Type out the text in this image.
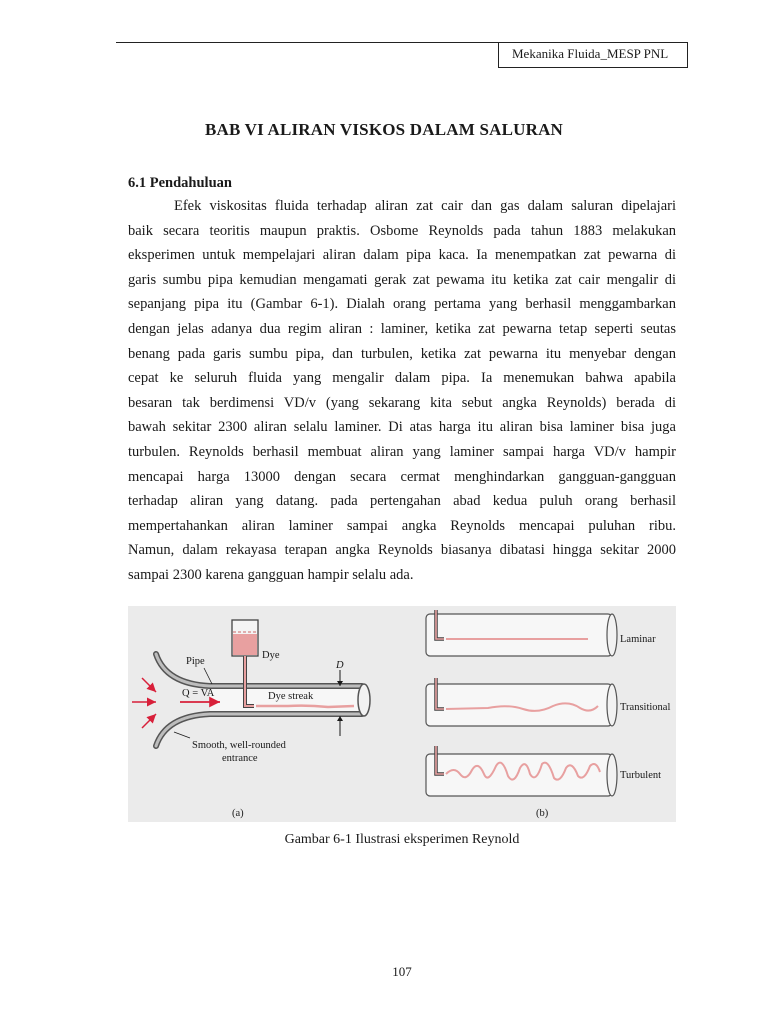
Mekanika Fluida_MESP PNL
BAB VI ALIRAN VISKOS DALAM SALURAN
6.1 Pendahuluan
Efek viskositas fluida terhadap aliran zat cair dan gas dalam saluran dipelajari
baik secara teoritis maupun praktis. Osbome Reynolds pada tahun 1883 melakukan
eksperimen untuk mempelajari aliran dalam pipa kaca. Ia menempatkan zat pewarna di
garis sumbu pipa kemudian mengamati gerak zat pewama itu ketika zat cair mengalir di
sepanjang pipa itu (Gambar 6-1). Dialah orang pertama yang berhasil menggambarkan
dengan jelas adanya dua regim aliran : laminer, ketika zat pewarna tetap seperti seutas
benang pada garis sumbu pipa, dan turbulen, ketika zat pewarna itu menyebar dengan
cepat ke seluruh fluida yang mengalir dalam pipa. Ia menemukan bahwa apabila
besaran tak berdimensi VD/v (yang sekarang kita sebut angka Reynolds) berada di
bawah sekitar 2300 aliran selalu laminer. Di atas harga itu aliran bisa laminer bisa juga
turbulen. Reynolds berhasil membuat aliran yang laminer sampai harga VD/v hampir
mencapai harga 13000 dengan secara cermat menghindarkan gangguan-gangguan
terhadap aliran yang datang. pada pertengahan abad kedua puluh orang berhasil
mempertahankan aliran laminer sampai angka Reynolds mencapai puluhan ribu.
Namun, dalam rekayasa terapan angka Reynolds biasanya dibatasi hingga sekitar 2000
sampai 2300 karena gangguan hampir selalu ada.
Dye
Pipe	D
Q = VA	Dye streak
Smooth, well-rounded
entrance
(a)
Laminar
Transitional
Turbulent
(b)
Gambar 6-1 Ilustrasi eksperimen Reynold
107
